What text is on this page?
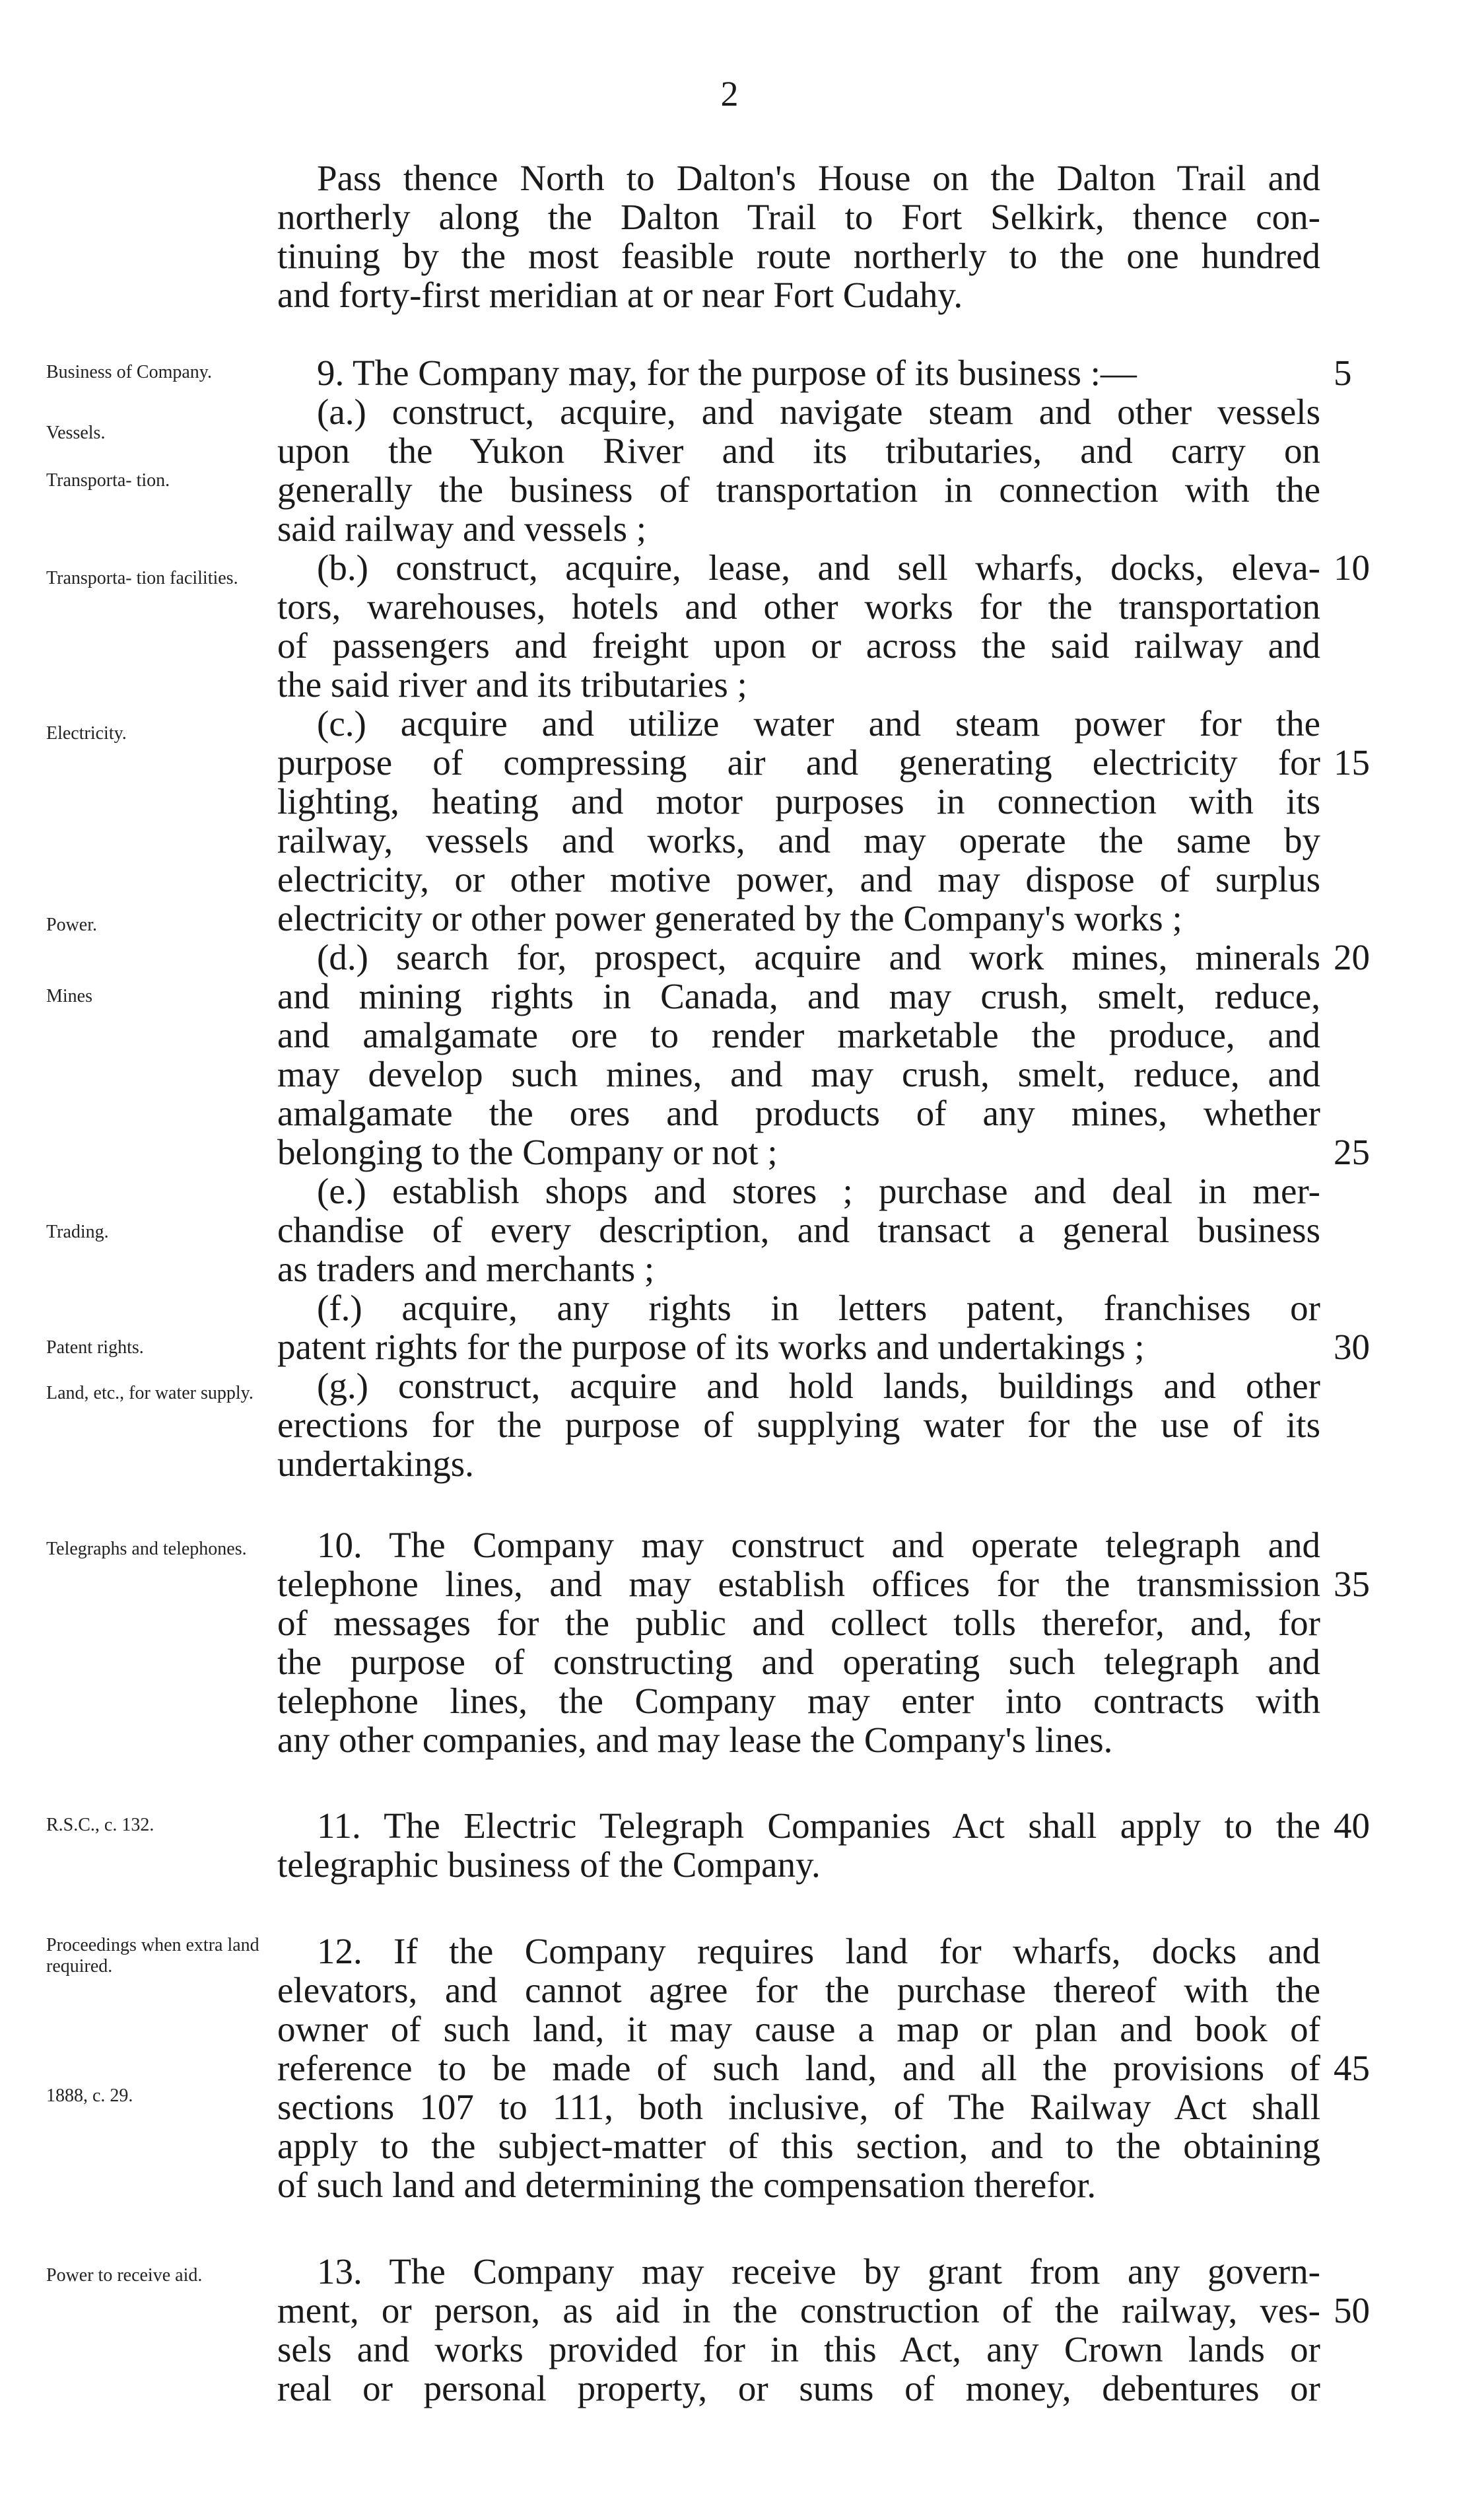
2
Pass thence North to Dalton's House on the Dalton Trail and
northerly along the Dalton Trail to Fort Selkirk, thence con-
tinuing by the most feasible route northerly to the one hundred
and forty-first meridian at or near Fort Cudahy.
Business of Company.
Vessels.
Transporta- tion.
Transporta- tion facilities.
Electricity.
Power.
Mines
Trading.
Patent rights.
Land, etc., for water supply.
9. The Company may, for the purpose of its business :—	5
(a.) construct, acquire, and navigate steam and other vessels
upon the Yukon River and its tributaries, and carry on
generally the business of transportation in connection with the
said railway and vessels ;
(b.) construct, acquire, lease, and sell wharfs, docks, eleva- 10
tors, warehouses, hotels and other works for the transportation
of passengers and freight upon or across the said railway and
the said river and its tributaries ;
(c.) acquire and utilize water and steam power for the
purpose of compressing air and generating electricity for 15
lighting, heating and motor purposes in connection with its
railway, vessels and works, and may operate the same by
electricity, or other motive power, and may dispose of surplus
electricity or other power generated by the Company's works ;
(d.) search for, prospect, acquire and work mines, minerals 20
and mining rights in Canada, and may crush, smelt, reduce,
and amalgamate ore to render marketable the produce, and
may develop such mines, and may crush, smelt, reduce, and
amalgamate the ores and products of any mines, whether
belonging to the Company or not ;	25
(e.) establish shops and stores ; purchase and deal in mer-
chandise of every description, and transact a general business
as traders and merchants ;
(f.) acquire, any rights in letters patent, franchises or
patent rights for the purpose of its works and undertakings ;	30
(g.) construct, acquire and hold lands, buildings and other
erections for the purpose of supplying water for the use of its
undertakings.
Telegraphs and telephones.	10. The Company may construct and operate telegraph and
telephone lines, and may establish offices for the transmission 35
of messages for the public and collect tolls therefor, and, for
the purpose of constructing and operating such telegraph and
telephone lines, the Company may enter into contracts with
any other companies, and may lease the Company's lines.
R.S.C., c. 132.	11. The Electric Telegraph Companies Act shall apply to the 40
telegraphic business of the Company.
Proceedings when extra land required.
1888, c. 29.
12. If the Company requires land for wharfs, docks and
elevators, and cannot agree for the purchase thereof with the
owner of such land, it may cause a map or plan and book of
reference to be made of such land, and all the provisions of 45
sections 107 to 111, both inclusive, of The Railway Act shall
apply to the subject-matter of this section, and to the obtaining
of such land and determining the compensation therefor.
Power to receive aid.	13. The Company may receive by grant from any govern-
ment, or person, as aid in the construction of the railway, ves- 50
sels and works provided for in this Act, any Crown lands or
real or personal property, or sums of money, debentures or
